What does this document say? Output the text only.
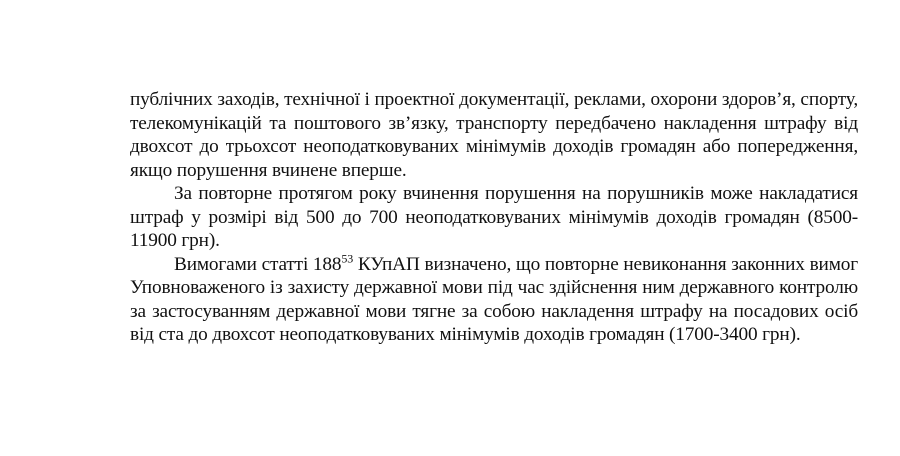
публічних заходів, технічної і проектної документації, реклами, охорони здоров’я, спорту, телекомунікацій та поштового зв’язку, транспорту передбачено накладення штрафу від двохсот до трьохсот неоподатковуваних мінімумів доходів громадян або попередження, якщо порушення вчинене вперше.

За повторне протягом року вчинення порушення на порушників може накладатися штраф у розмірі від 500 до 700 неоподатковуваних мінімумів доходів громадян (8500-11900 грн).

Вимогами статті $188^{53}$ КУпАП визначено, що повторне невиконання законних вимог Уповноваженого із захисту державної мови під час здійснення ним державного контролю за застосуванням державної мови тягне за собою накладення штрафу на посадових осіб від ста до двохсот неоподатковуваних мінімумів доходів громадян (1700-3400 грн).
